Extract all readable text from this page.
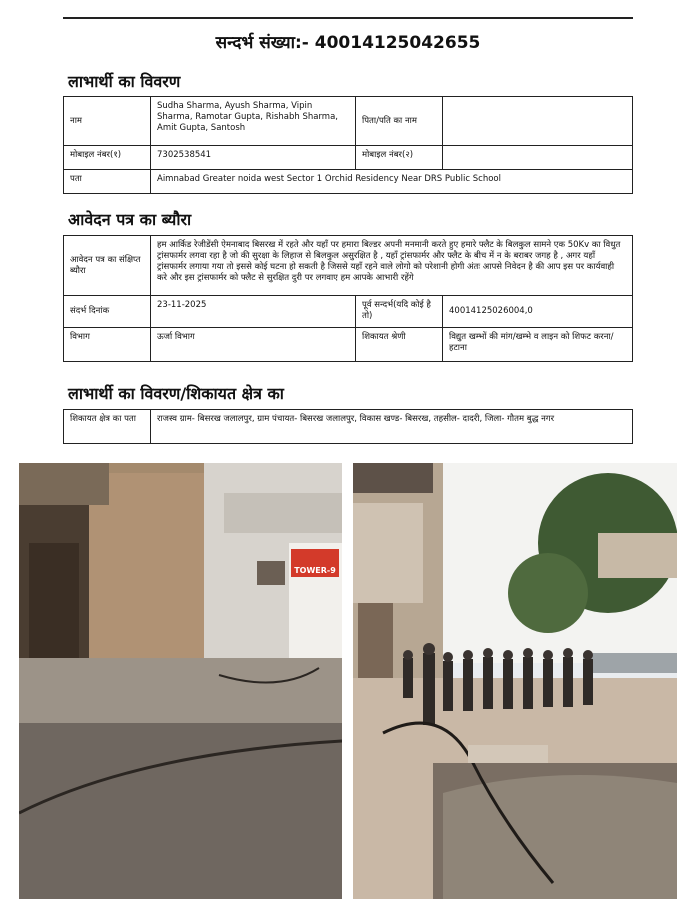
सन्दर्भ संख्या:- 40014125042655
लाभार्थी का विवरण
नाम	Sudha Sharma, Ayush Sharma, Vipin Sharma, Ramotar Gupta, Rishabh Sharma, Amit Gupta, Santosh	पिता/पति का नाम	
मोबाइल नंबर(१)	7302538541	मोबाइल नंबर(२)	
पता	Aimnabad Greater noida west Sector 1 Orchid Residency Near DRS Public School		
आवेदन पत्र का ब्यौरा
आवेदन पत्र का संक्षिप्त ब्यौरा	हम आर्किड रेजीडेंसी ऐमनाबाद बिसरख में रहते और यहाँ पर हमारा बिल्डर अपनी मनमानी करते हुए हमारे फ्लैट के बिलकुल सामने एक 50Kv का विधुत ट्रांसफार्मर लगवा रहा है जो की सुरक्षा के लिहाज से बिलकुल असुरक्षित है , यहाँ ट्रांसफार्मर और फ्लैट के बीच में न के बराबर जगह है , अगर यहाँ ट्रांसफार्मर लगाया गया तो इससे कोई घटना हो सकती है जिससे यहाँ रहने वाले लोगो को परेशानी होगी अंतः आपसे निवेदन है की आप इस पर कार्यवाही करे और इस ट्रांसफार्मर को फ्लैट से सुरक्षित दुरी पर लगवाए हम आपके आभारी रहेंगे		
संदर्भ दिनांक	23-11-2025	पूर्व सन्दर्भ(यदि कोई है तो)	40014125026004,0
विभाग	ऊर्जा विभाग	शिकायत श्रेणी	विद्युत खम्भों की मांग/खम्भे व लाइन को शिफट करना/हटाना
लाभार्थी का विवरण/शिकायत क्षेत्र का
शिकायत क्षेत्र का पता	राजस्व ग्राम- बिसरख जलालपुर, ग्राम पंचायत- बिसरख जलालपुर, विकास खण्ड- बिसरख, तहसील- दादरी, जिला- गौतम बुद्ध नगर
TOWER-9
